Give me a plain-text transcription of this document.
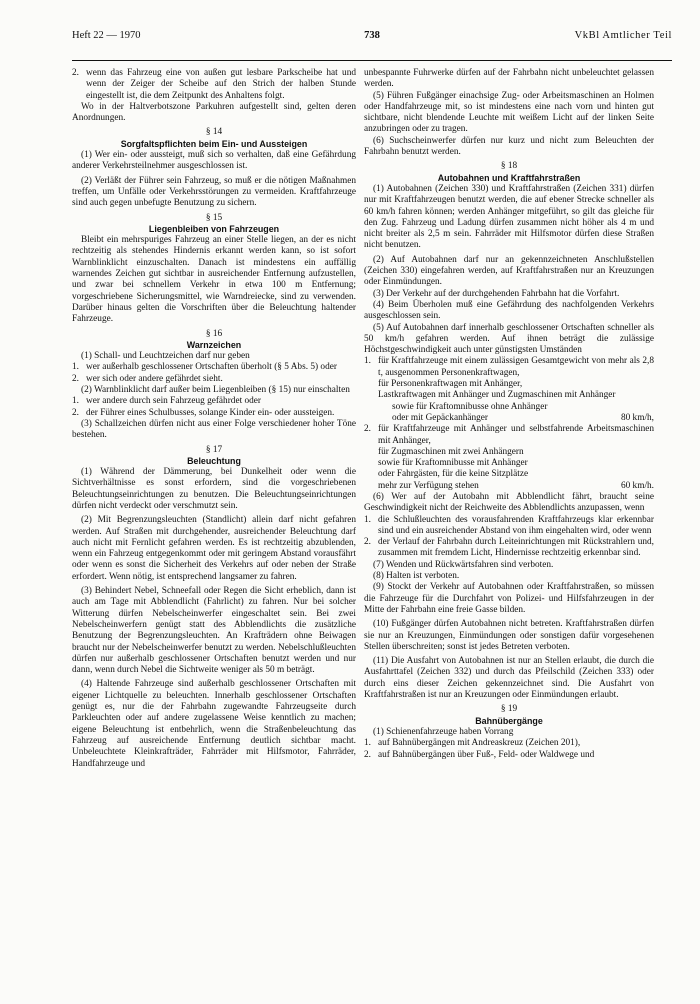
738
Heft 22 — 1970	VkBl Amtlicher Teil
2. wenn das Fahrzeug eine von außen gut lesbare Parkscheibe hat und wenn der Zeiger der Scheibe auf den Strich der halben Stunde eingestellt ist, die dem Zeitpunkt des Anhaltens folgt.

Wo in der Haltverbotszone Parkuhren aufgestellt sind, gelten deren Anordnungen.

§ 14

Sorgfaltspflichten beim Ein- und Aussteigen

(1) Wer ein- oder aussteigt, muß sich so verhalten, daß eine Gefährdung anderer Verkehrsteilnehmer ausgeschlossen ist.

(2) Verläßt der Führer sein Fahrzeug, so muß er die nötigen Maßnahmen treffen, um Unfälle oder Verkehrsstörungen zu vermeiden. Kraftfahrzeuge sind auch gegen unbefugte Benutzung zu sichern.

§ 15

Liegenbleiben von Fahrzeugen

Bleibt ein mehrspuriges Fahrzeug an einer Stelle liegen, an der es nicht rechtzeitig als stehendes Hindernis erkannt werden kann, so ist sofort Warnblinklicht einzuschalten. Danach ist mindestens ein auffällig warnendes Zeichen gut sichtbar in ausreichender Entfernung aufzustellen, und zwar bei schnellem Verkehr in etwa 100 m Entfernung; vorgeschriebene Sicherungsmittel, wie Warndreiecke, sind zu verwenden. Darüber hinaus gelten die Vorschriften über die Beleuchtung haltender Fahrzeuge.

§ 16

Warnzeichen

(1) Schall- und Leuchtzeichen darf nur geben

1. wer außerhalb geschlossener Ortschaften überholt (§ 5 Abs. 5) oder
2. wer sich oder andere gefährdet sieht.

(2) Warnblinklicht darf außer beim Liegenbleiben (§ 15) nur einschalten

1. wer andere durch sein Fahrzeug gefährdet oder
2. der Führer eines Schulbusses, solange Kinder ein- oder aussteigen.

(3) Schallzeichen dürfen nicht aus einer Folge verschiedener hoher Töne bestehen.

§ 17

Beleuchtung

(1) Während der Dämmerung, bei Dunkelheit oder wenn die Sichtverhältnisse es sonst erfordern, sind die vorgeschriebenen Beleuchtungseinrichtungen zu benutzen. Die Beleuchtungseinrichtungen dürfen nicht verdeckt oder verschmutzt sein.

(2) Mit Begrenzungsleuchten (Standlicht) allein darf nicht gefahren werden. Auf Straßen mit durchgehender, ausreichender Beleuchtung darf auch nicht mit Fernlicht gefahren werden. Es ist rechtzeitig abzublenden, wenn ein Fahrzeug entgegenkommt oder mit geringem Abstand vorausfährt oder wenn es sonst die Sicherheit des Verkehrs auf oder neben der Straße erfordert. Wenn nötig, ist entsprechend langsamer zu fahren.

(3) Behindert Nebel, Schneefall oder Regen die Sicht erheblich, dann ist auch am Tage mit Abblendlicht (Fahrlicht) zu fahren. Nur bei solcher Witterung dürfen Nebelscheinwerfer eingeschaltet sein. Bei zwei Nebelscheinwerfern genügt statt des Abblendlichts die zusätzliche Benutzung der Begrenzungsleuchten. An Krafträdern ohne Beiwagen braucht nur der Nebelscheinwerfer benutzt zu werden. Nebelschlußleuchten dürfen nur außerhalb geschlossener Ortschaften benutzt werden und nur dann, wenn durch Nebel die Sichtweite weniger als 50 m beträgt.

(4) Haltende Fahrzeuge sind außerhalb geschlossener Ortschaften mit eigener Lichtquelle zu beleuchten. Innerhalb geschlossener Ortschaften genügt es, nur die der Fahrbahn zugewandte Fahrzeugseite durch Parkleuchten oder auf andere zugelassene Weise kenntlich zu machen; eigene Beleuchtung ist entbehrlich, wenn die Straßenbeleuchtung das Fahrzeug auf ausreichende Entfernung deutlich sichtbar macht. Unbeleuchtete Kleinkrafträder, Fahrräder mit Hilfsmotor, Fahrräder, Handfahrzeuge und

unbespannte Fuhrwerke dürfen auf der Fahrbahn nicht unbeleuchtet gelassen werden.

(5) Führen Fußgänger einachsige Zug- oder Arbeitsmaschinen an Holmen oder Handfahrzeuge mit, so ist mindestens eine nach vorn und hinten gut sichtbare, nicht blendende Leuchte mit weißem Licht auf der linken Seite anzubringen oder zu tragen.

(6) Suchscheinwerfer dürfen nur kurz und nicht zum Beleuchten der Fahrbahn benutzt werden.

§ 18

Autobahnen und Kraftfahrstraßen

(1) Autobahnen (Zeichen 330) und Kraftfahrstraßen (Zeichen 331) dürfen nur mit Kraftfahrzeugen benutzt werden, die auf ebener Strecke schneller als 60 km/h fahren können; werden Anhänger mitgeführt, so gilt das gleiche für den Zug. Fahrzeug und Ladung dürfen zusammen nicht höher als 4 m und nicht breiter als 2,5 m sein. Fahrräder mit Hilfsmotor dürfen diese Straßen nicht benutzen.

(2) Auf Autobahnen darf nur an gekennzeichneten Anschlußstellen (Zeichen 330) eingefahren werden, auf Kraftfahrstraßen nur an Kreuzungen oder Einmündungen.

(3) Der Verkehr auf der durchgehenden Fahrbahn hat die Vorfahrt.

(4) Beim Überholen muß eine Gefährdung des nachfolgenden Verkehrs ausgeschlossen sein.

(5) Auf Autobahnen darf innerhalb geschlossener Ortschaften schneller als 50 km/h gefahren werden. Auf ihnen beträgt die zulässige Höchstgeschwindigkeit auch unter günstigsten Umständen

1. für Kraftfahrzeuge mit einem zulässigen Gesamtgewicht von mehr als 2,8 t, ausgenommen Personenkraftwagen,
für Personenkraftwagen mit Anhänger,
Lastkraftwagen mit Anhänger und Zugmaschinen mit Anhänger
sowie für Kraftomnibusse ohne Anhänger
oder mit Gepäckanhänger	80 km/h,
2. für Kraftfahrzeuge mit Anhänger und selbstfahrende Arbeitsmaschinen mit Anhänger,
für Zugmaschinen mit zwei Anhängern
sowie für Kraftomnibusse mit Anhänger
oder Fahrgästen, für die keine Sitzplätze
mehr zur Verfügung stehen	60 km/h.

(6) Wer auf der Autobahn mit Abblendlicht fährt, braucht seine Geschwindigkeit nicht der Reichweite des Abblendlichts anzupassen, wenn

1. die Schlußleuchten des vorausfahrenden Kraftfahrzeugs klar erkennbar sind und ein ausreichender Abstand von ihm eingehalten wird, oder wenn
2. der Verlauf der Fahrbahn durch Leiteinrichtungen mit Rückstrahlern und, zusammen mit fremdem Licht, Hindernisse rechtzeitig erkennbar sind.

(7) Wenden und Rückwärtsfahren sind verboten.

(8) Halten ist verboten.

(9) Stockt der Verkehr auf Autobahnen oder Kraftfahrstraßen, so müssen die Fahrzeuge für die Durchfahrt von Polizei- und Hilfsfahrzeugen in der Mitte der Fahrbahn eine freie Gasse bilden.

(10) Fußgänger dürfen Autobahnen nicht betreten. Kraftfahrstraßen dürfen sie nur an Kreuzungen, Einmündungen oder sonstigen dafür vorgesehenen Stellen überschreiten; sonst ist jedes Betreten verboten.

(11) Die Ausfahrt von Autobahnen ist nur an Stellen erlaubt, die durch die Ausfahrttafel (Zeichen 332) und durch das Pfeilschild (Zeichen 333) oder durch eins dieser Zeichen gekennzeichnet sind. Die Ausfahrt von Kraftfahrstraßen ist nur an Kreuzungen oder Einmündungen erlaubt.

§ 19

Bahnübergänge

(1) Schienenfahrzeuge haben Vorrang

1. auf Bahnübergängen mit Andreaskreuz (Zeichen 201),
2. auf Bahnübergängen über Fuß-, Feld- oder Waldwege und
